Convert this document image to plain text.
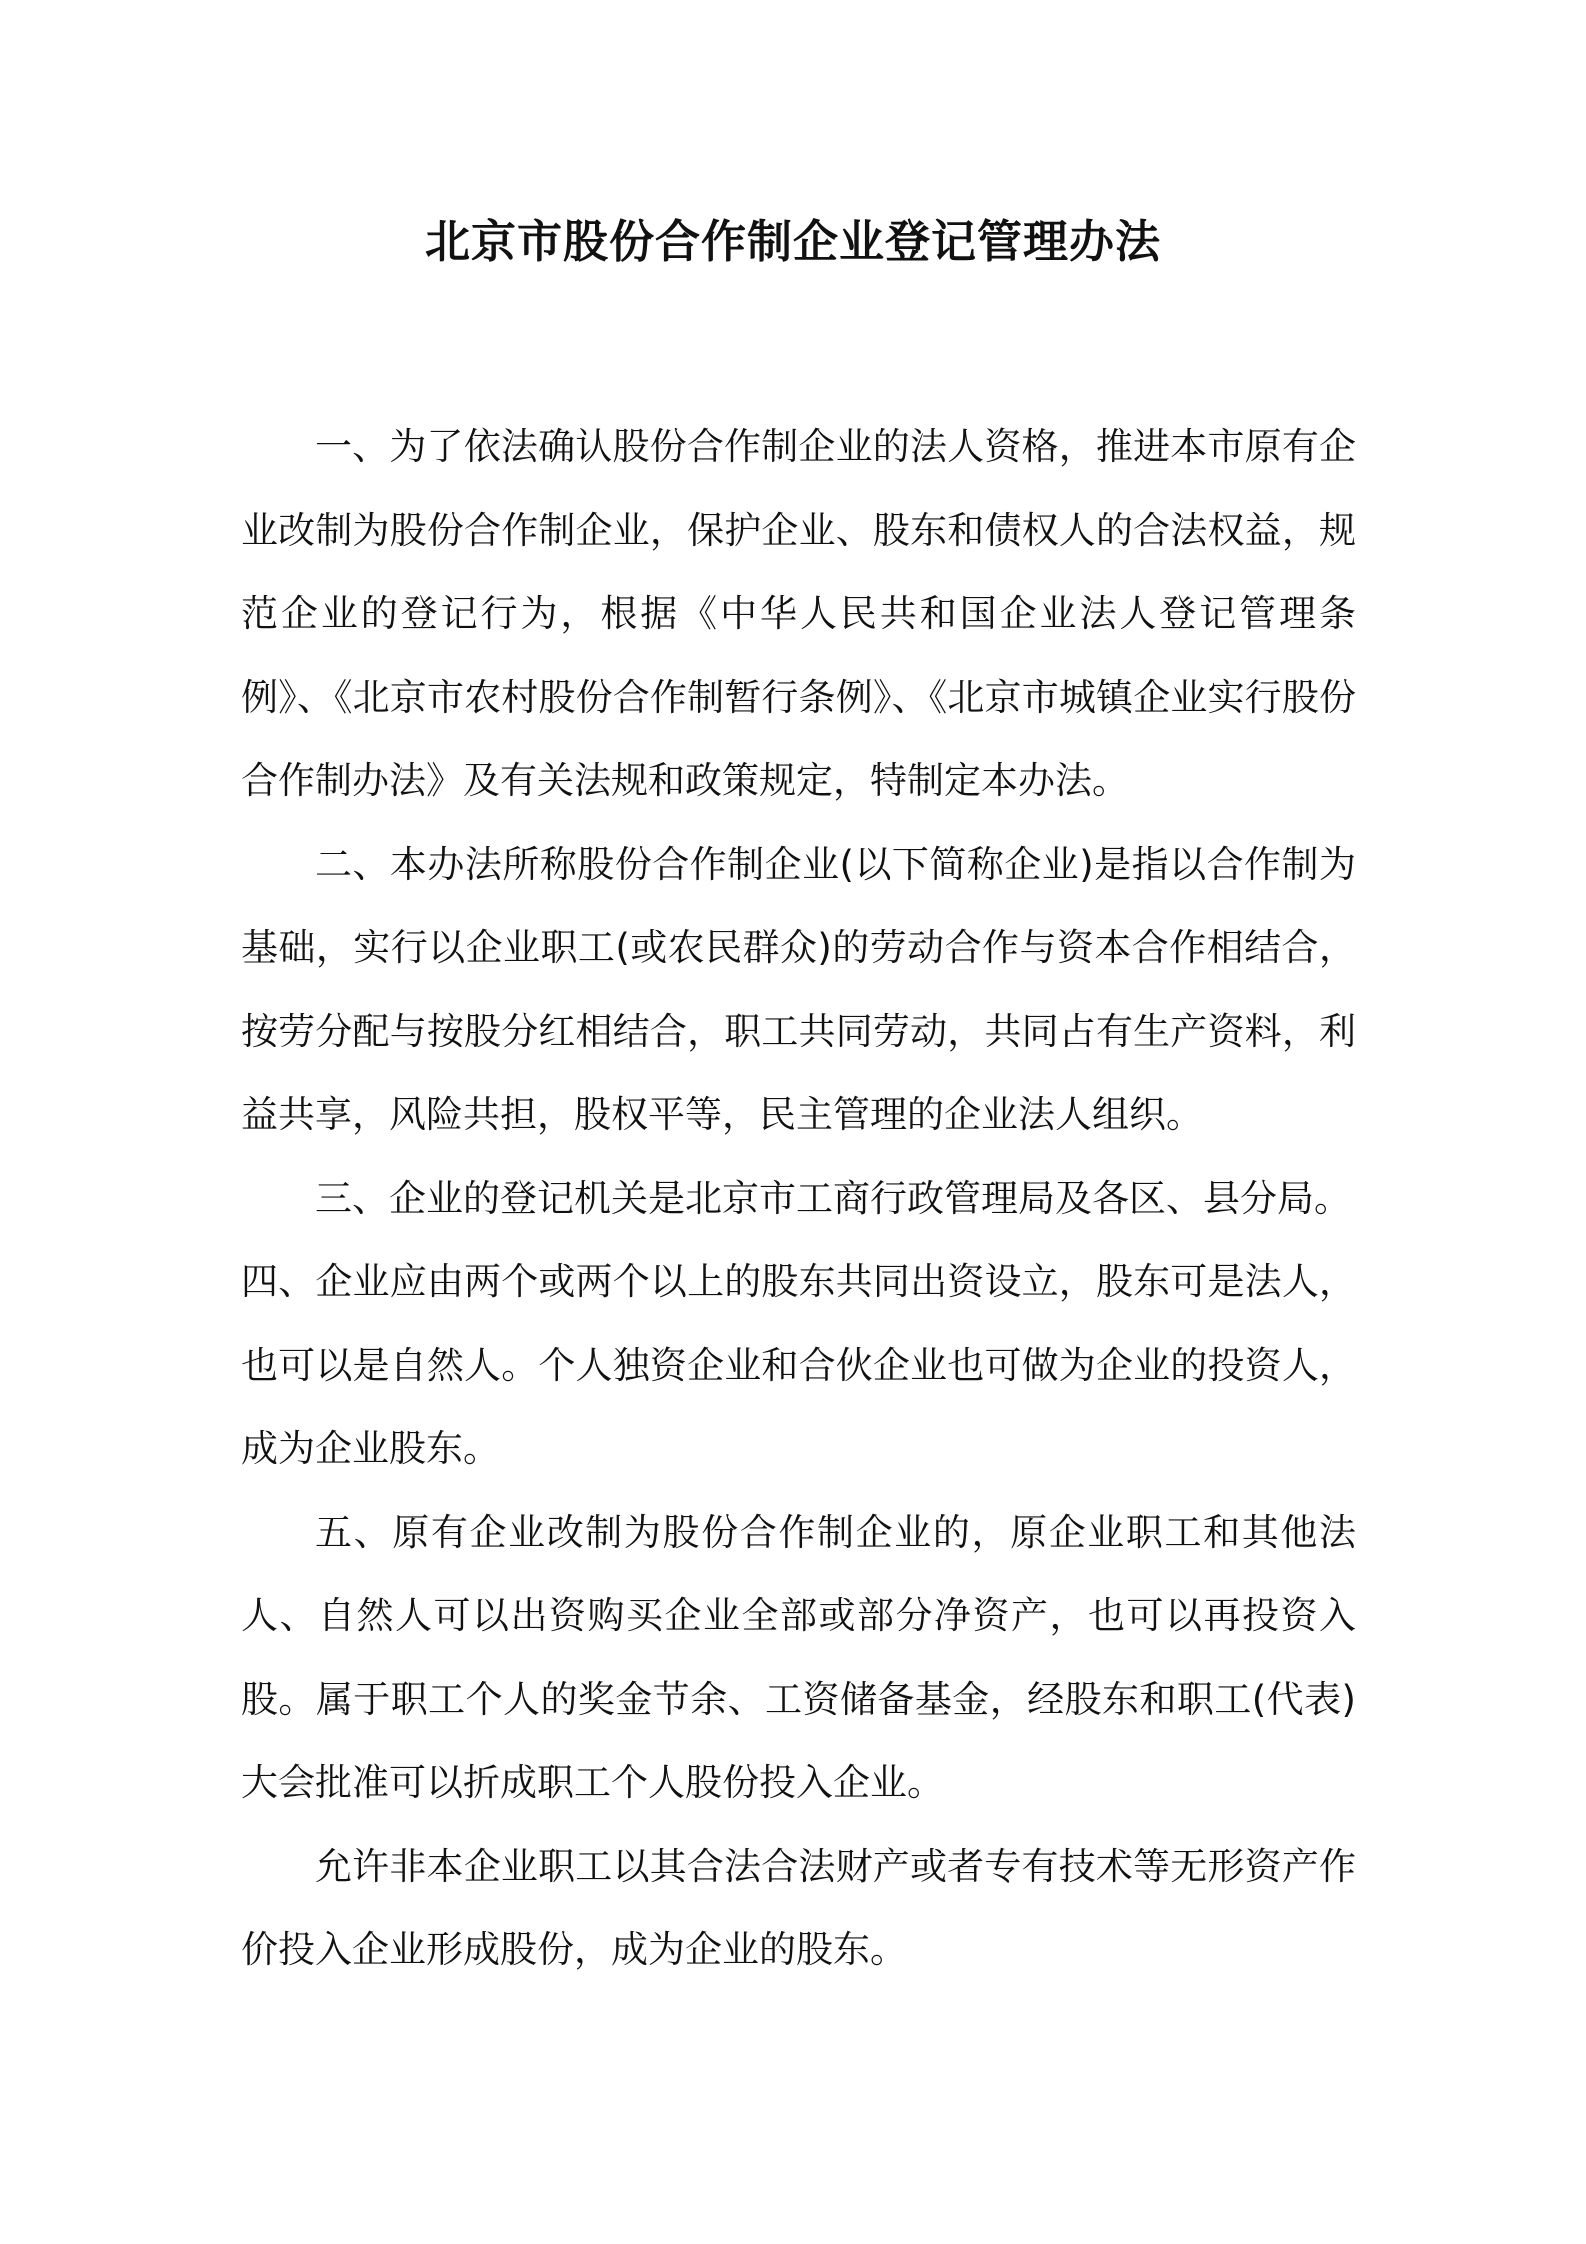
北京市股份合作制企业登记管理办法

一、为了依法确认股份合作制企业的法人资格，推进本市原有企业改制为股份合作制企业，保护企业、股东和债权人的合法权益，规范企业的登记行为，根据《中华人民共和国企业法人登记管理条例》、《北京市农村股份合作制暂行条例》、《北京市城镇企业实行股份合作制办法》及有关法规和政策规定，特制定本办法。

二、本办法所称股份合作制企业(以下简称企业)是指以合作制为基础，实行以企业职工(或农民群众)的劳动合作与资本合作相结合，按劳分配与按股分红相结合，职工共同劳动，共同占有生产资料，利益共享，风险共担，股权平等，民主管理的企业法人组织。

三、企业的登记机关是北京市工商行政管理局及各区、县分局。

四、企业应由两个或两个以上的股东共同出资设立，股东可是法人，也可以是自然人。个人独资企业和合伙企业也可做为企业的投资人，成为企业股东。

五、原有企业改制为股份合作制企业的，原企业职工和其他法人、自然人可以出资购买企业全部或部分净资产，也可以再投资入股。属于职工个人的奖金节余、工资储备基金，经股东和职工(代表)大会批准可以折成职工个人股份投入企业。

允许非本企业职工以其合法合法财产或者专有技术等无形资产作价投入企业形成股份，成为企业的股东。
